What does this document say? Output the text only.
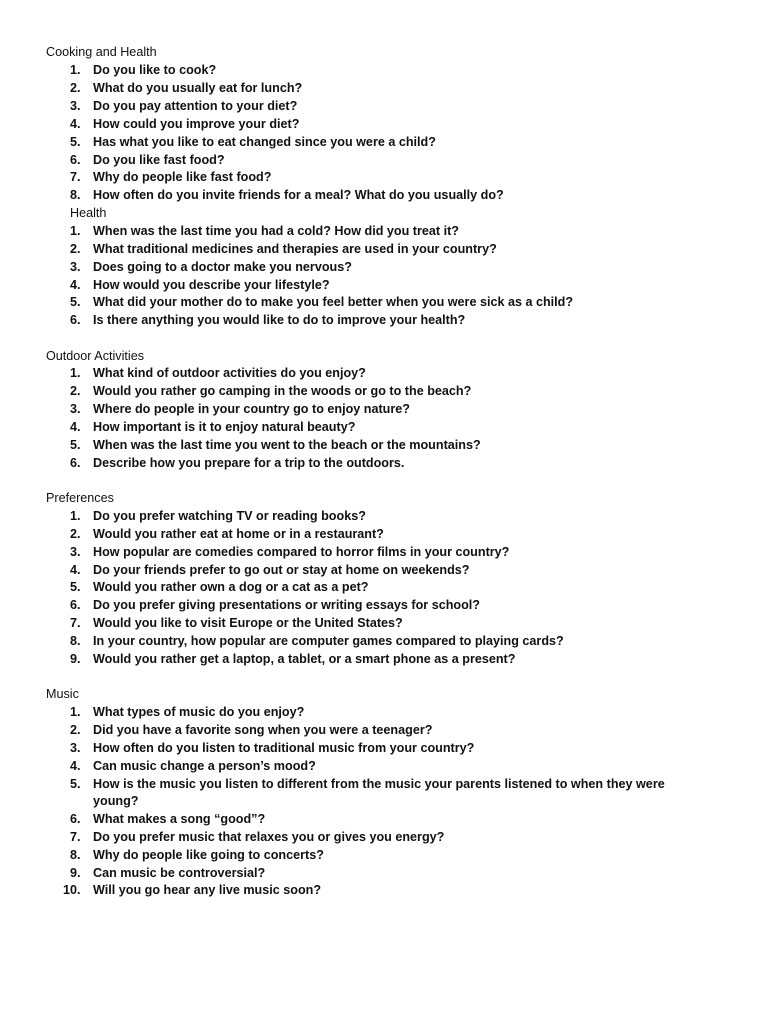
Cooking and Health
1. Do you like to cook?
2. What do you usually eat for lunch?
3. Do you pay attention to your diet?
4. How could you improve your diet?
5. Has what you like to eat changed since you were a child?
6. Do you like fast food?
7. Why do people like fast food?
8. How often do you invite friends for a meal? What do you usually do?
Health
1. When was the last time you had a cold? How did you treat it?
2. What traditional medicines and therapies are used in your country?
3. Does going to a doctor make you nervous?
4. How would you describe your lifestyle?
5. What did your mother do to make you feel better when you were sick as a child?
6. Is there anything you would like to do to improve your health?
Outdoor Activities
1. What kind of outdoor activities do you enjoy?
2. Would you rather go camping in the woods or go to the beach?
3. Where do people in your country go to enjoy nature?
4. How important is it to enjoy natural beauty?
5. When was the last time you went to the beach or the mountains?
6. Describe how you prepare for a trip to the outdoors.
Preferences
1. Do you prefer watching TV or reading books?
2. Would you rather eat at home or in a restaurant?
3. How popular are comedies compared to horror films in your country?
4. Do your friends prefer to go out or stay at home on weekends?
5. Would you rather own a dog or a cat as a pet?
6. Do you prefer giving presentations or writing essays for school?
7. Would you like to visit Europe or the United States?
8. In your country, how popular are computer games compared to playing cards?
9. Would you rather get a laptop, a tablet, or a smart phone as a present?
Music
1. What types of music do you enjoy?
2. Did you have a favorite song when you were a teenager?
3. How often do you listen to traditional music from your country?
4. Can music change a person’s mood?
5. How is the music you listen to different from the music your parents listened to when they were
young?
6. What makes a song “good”?
7. Do you prefer music that relaxes you or gives you energy?
8. Why do people like going to concerts?
9. Can music be controversial?
10. Will you go hear any live music soon?
